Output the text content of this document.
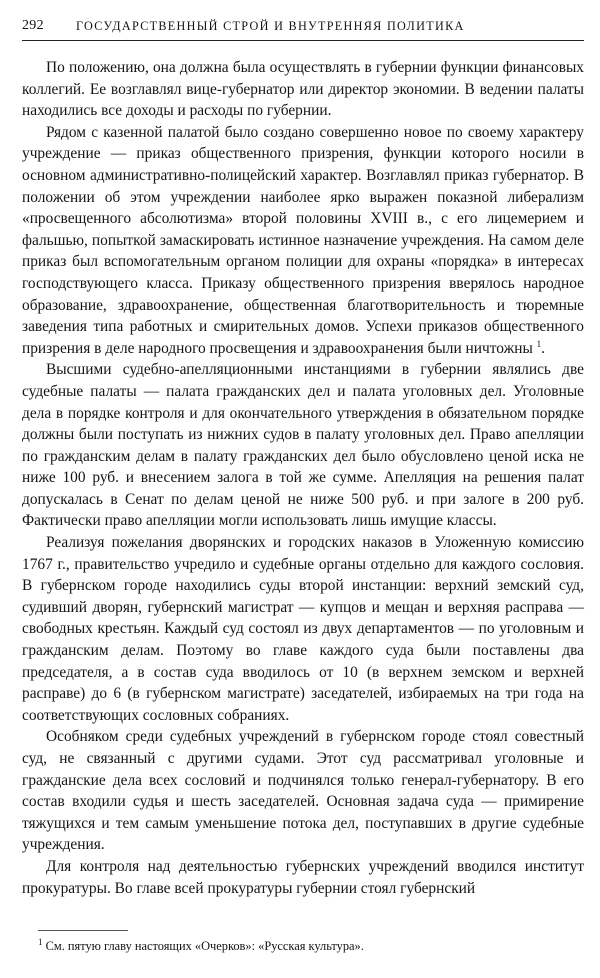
292	ГОСУДАРСТВЕННЫЙ СТРОЙ И ВНУТРЕННЯЯ ПОЛИТИКА

По положению, она должна была осуществлять в губернии функции финансовых коллегий. Ее возглавлял вице-губернатор или директор экономии. В ведении палаты находились все доходы и расходы по губернии.

Рядом с казенной палатой было создано совершенно новое по своему характеру учреждение — приказ общественного призрения, функции которого носили в основном административно-полицейский характер. Возглавлял приказ губернатор. В положении об этом учреждении наиболее ярко выражен показной либерализм «просвещенного абсолютизма» второй половины XVIII в., с его лицемерием и фальшью, попыткой замаскировать истинное назначение учреждения. На самом деле приказ был вспомогательным органом полиции для охраны «порядка» в интересах господствующего класса. Приказу общественного призрения вверялось народное образование, здравоохранение, общественная благотворительность и тюремные заведения типа работных и смирительных домов. Успехи приказов общественного призрения в деле народного просвещения и здравоохранения были ничтожны $^1$.

Высшими судебно-апелляционными инстанциями в губернии являлись две судебные палаты — палата гражданских дел и палата уголовных дел. Уголовные дела в порядке контроля и для окончательного утверждения в обязательном порядке должны были поступать из нижних судов в палату уголовных дел. Право апелляции по гражданским делам в палату гражданских дел было обусловлено ценой иска не ниже 100 руб. и внесением залога в той же сумме. Апелляция на решения палат допускалась в Сенат по делам ценой не ниже 500 руб. и при залоге в 200 руб. Фактически право апелляции могли использовать лишь имущие классы.

Реализуя пожелания дворянских и городских наказов в Уложенную комиссию 1767 г., правительство учредило и судебные органы отдельно для каждого сословия. В губернском городе находились суды второй инстанции: верхний земский суд, судивший дворян, губернский магистрат — купцов и мещан и верхняя расправа — свободных крестьян. Каждый суд состоял из двух департаментов — по уголовным и гражданским делам. Поэтому во главе каждого суда были поставлены два председателя, а в состав суда вводилось от 10 (в верхнем земском и верхней расправе) до 6 (в губернском магистрате) заседателей, избираемых на три года на соответствующих сословных собраниях.

Особняком среди судебных учреждений в губернском городе стоял совестный суд, не связанный с другими судами. Этот суд рассматривал уголовные и гражданские дела всех сословий и подчинялся только генерал-губернатору. В его состав входили судья и шесть заседателей. Основная задача суда — примирение тяжущихся и тем самым уменьшение потока дел, поступавших в другие судебные учреждения.

Для контроля над деятельностью губернских учреждений вводился институт прокуратуры. Во главе всей прокуратуры губернии стоял губернский

$^1$ См. пятую главу настоящих «Очерков»: «Русская культура».
